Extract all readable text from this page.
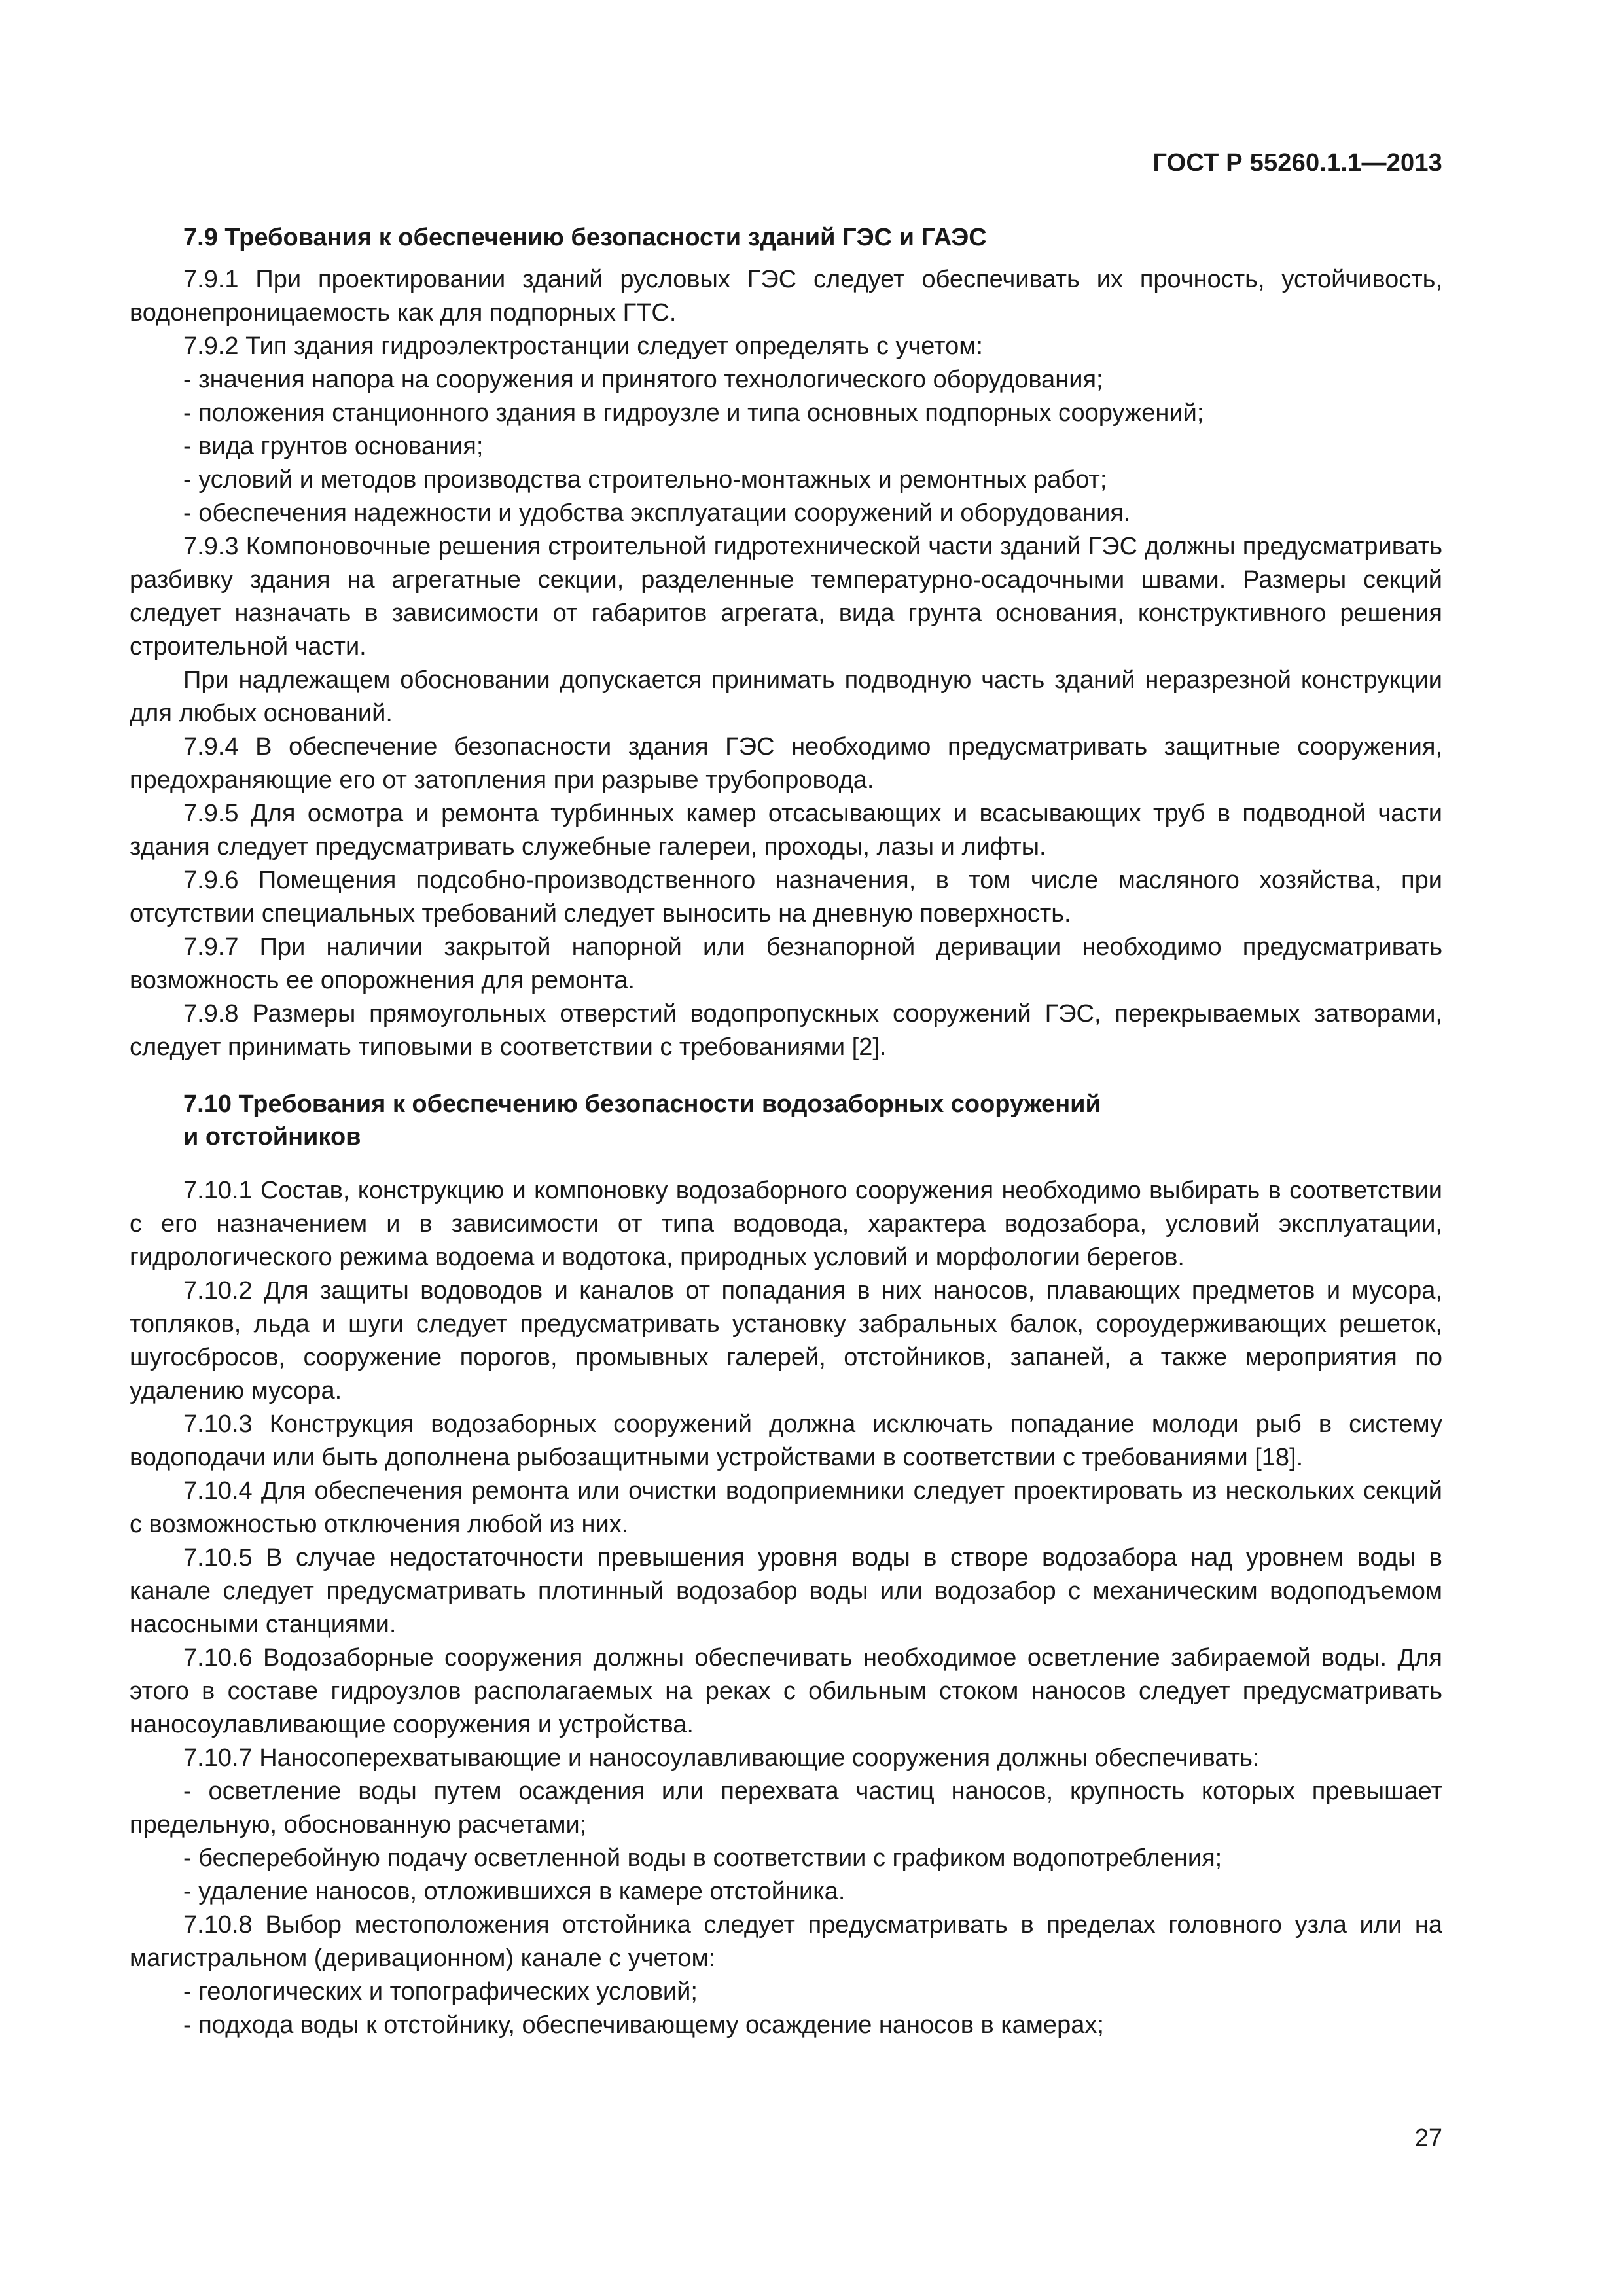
ГОСТ Р 55260.1.1—2013
7.9 Требования к обеспечению безопасности зданий ГЭС и ГАЭС

7.9.1 При проектировании зданий русловых ГЭС следует обеспечивать их прочность, устойчивость, водонепроницаемость как для подпорных ГТС.

7.9.2 Тип здания гидроэлектростанции следует определять с учетом:

- значения напора на сооружения и принятого технологического оборудования;

- положения станционного здания в гидроузле и типа основных подпорных сооружений;

- вида грунтов основания;

- условий и методов производства строительно-монтажных и ремонтных работ;

- обеспечения надежности и удобства эксплуатации сооружений и оборудования.

7.9.3 Компоновочные решения строительной гидротехнической части зданий ГЭС должны предусматривать разбивку здания на агрегатные секции, разделенные температурно-осадочными швами. Размеры секций следует назначать в зависимости от габаритов агрегата, вида грунта основания, конструктивного решения строительной части.

При надлежащем обосновании допускается принимать подводную часть зданий неразрезной конструкции для любых оснований.

7.9.4 В обеспечение безопасности здания ГЭС необходимо предусматривать защитные сооружения, предохраняющие его от затопления при разрыве трубопровода.

7.9.5 Для осмотра и ремонта турбинных камер отсасывающих и всасывающих труб в подводной части здания следует предусматривать служебные галереи, проходы, лазы и лифты.

7.9.6 Помещения подсобно-производственного назначения, в том числе масляного хозяйства, при отсутствии специальных требований следует выносить на дневную поверхность.

7.9.7 При наличии закрытой напорной или безнапорной деривации необходимо предусматривать возможность ее опорожнения для ремонта.

7.9.8 Размеры прямоугольных отверстий водопропускных сооружений ГЭС, перекрываемых затворами, следует принимать типовыми в соответствии с требованиями [2].

7.10 Требования к обеспечению безопасности водозаборных сооружений
и отстойников

7.10.1 Состав, конструкцию и компоновку водозаборного сооружения необходимо выбирать в соответствии с его назначением и в зависимости от типа водовода, характера водозабора, условий эксплуатации, гидрологического режима водоема и водотока, природных условий и морфологии берегов.

7.10.2 Для защиты водоводов и каналов от попадания в них наносов, плавающих предметов и мусора, топляков, льда и шуги следует предусматривать установку забральных балок, сороудерживающих решеток, шугосбросов, сооружение порогов, промывных галерей, отстойников, запаней, а также мероприятия по удалению мусора.

7.10.3 Конструкция водозаборных сооружений должна исключать попадание молоди рыб в систему водоподачи или быть дополнена рыбозащитными устройствами в соответствии с требованиями [18].

7.10.4 Для обеспечения ремонта или очистки водоприемники следует проектировать из нескольких секций с возможностью отключения любой из них.

7.10.5 В случае недостаточности превышения уровня воды в створе водозабора над уровнем воды в канале следует предусматривать плотинный водозабор воды или водозабор с механическим водоподъемом насосными станциями.

7.10.6 Водозаборные сооружения должны обеспечивать необходимое осветление забираемой воды. Для этого в составе гидроузлов располагаемых на реках с обильным стоком наносов следует предусматривать наносоулавливающие сооружения и устройства.

7.10.7 Наносоперехватывающие и наносоулавливающие сооружения должны обеспечивать:

- осветление воды путем осаждения или перехвата частиц наносов, крупность которых превышает предельную, обоснованную расчетами;

- бесперебойную подачу осветленной воды в соответствии с графиком водопотребления;

- удаление наносов, отложившихся в камере отстойника.

7.10.8 Выбор местоположения отстойника следует предусматривать в пределах головного узла или на магистральном (деривационном) канале с учетом:

- геологических и топографических условий;

- подхода воды к отстойнику, обеспечивающему осаждение наносов в камерах;

27
